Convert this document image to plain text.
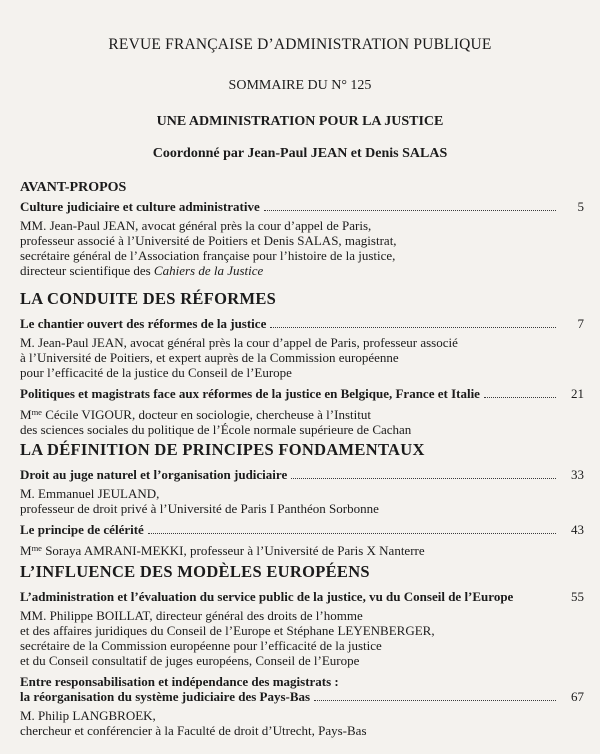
REVUE FRANÇAISE D’ADMINISTRATION PUBLIQUE
SOMMAIRE DU N° 125
UNE ADMINISTRATION POUR LA JUSTICE
Coordonné par Jean-Paul JEAN et Denis SALAS
AVANT-PROPOS
Culture judiciaire et culture administrative	5
MM. Jean-Paul JEAN, avocat général près la cour d’appel de Paris,
professeur associé à l’Université de Poitiers et Denis SALAS, magistrat,
secrétaire général de l’Association française pour l’histoire de la justice,
directeur scientifique des Cahiers de la Justice
LA CONDUITE DES RÉFORMES
Le chantier ouvert des réformes de la justice	7
M. Jean-Paul JEAN, avocat général près la cour d’appel de Paris, professeur associé
à l’Université de Poitiers, et expert auprès de la Commission européenne
pour l’efficacité de la justice du Conseil de l’Europe
Politiques et magistrats face aux réformes de la justice en Belgique, France et Italie	21
$M^{me}$ Cécile VIGOUR, docteur en sociologie, chercheuse à l’Institut
des sciences sociales du politique de l’École normale supérieure de Cachan
LA DÉFINITION DE PRINCIPES FONDAMENTAUX
Droit au juge naturel et l’organisation judiciaire	33
M. Emmanuel JEULAND,
professeur de droit privé à l’Université de Paris I Panthéon Sorbonne
Le principe de célérité	43
$M^{me}$ Soraya AMRANI-MEKKI, professeur à l’Université de Paris X Nanterre
L’INFLUENCE DES MODÈLES EUROPÉENS
L’administration et l’évaluation du service public de la justice, vu du Conseil de l’Europe	55
MM. Philippe BOILLAT, directeur général des droits de l’homme
et des affaires juridiques du Conseil de l’Europe et Stéphane LEYENBERGER,
secrétaire de la Commission européenne pour l’efficacité de la justice
et du Conseil consultatif de juges européens, Conseil de l’Europe
Entre responsabilisation et indépendance des magistrats :
la réorganisation du système judiciaire des Pays-Bas	67
M. Philip LANGBROEK,
chercheur et conférencier à la Faculté de droit d’Utrecht, Pays-Bas
